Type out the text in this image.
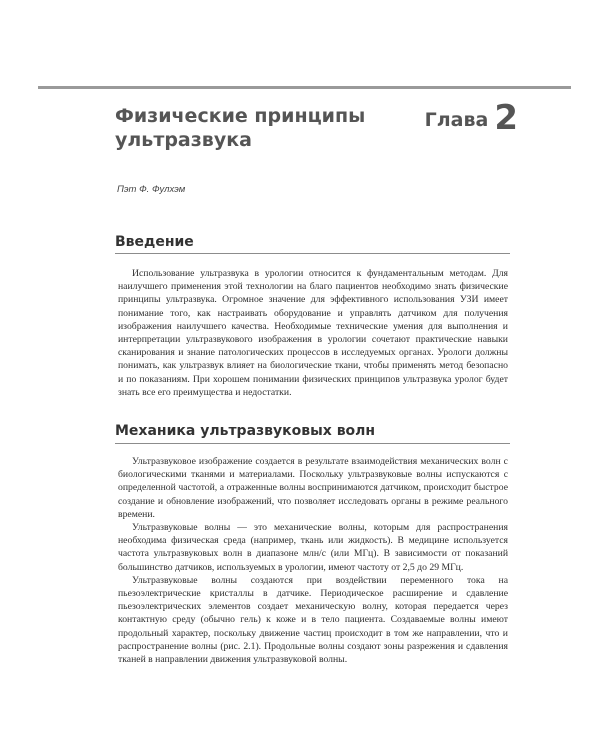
Физические принципы ультразвука
Глава 2
Пэт Ф. Фулхэм
Введение

Использование ультразвука в урологии относится к фундаментальным методам. Для наилучшего применения этой технологии на благо пациентов необходимо знать физические принципы ультразвука. Огромное значение для эффективного использования УЗИ имеет понимание того, как настраивать оборудование и управлять датчиком для получения изображения наилучшего качества. Необходимые технические умения для выполнения и интерпретации ультразвукового изображения в урологии сочетают практические навыки сканирования и знание патологических процессов в исследуемых органах. Урологи должны понимать, как ультразвук влияет на биологические ткани, чтобы применять метод безопасно и по показаниям. При хорошем понимании физических принципов ультразвука уролог будет знать все его преимущества и недостатки.

Механика ультразвуковых волн

Ультразвуковое изображение создается в результате взаимодействия механических волн с биологическими тканями и материалами. Поскольку ультразвуковые волны испускаются с определенной частотой, а отраженные волны воспринимаются датчиком, происходит быстрое создание и обновление изображений, что позволяет исследовать органы в режиме реального времени.

Ультразвуковые волны — это механические волны, которым для распространения необходима физическая среда (например, ткань или жидкость). В медицине используется частота ультразвуковых волн в диапазоне млн/с (или МГц). В зависимости от показаний большинство датчиков, используемых в урологии, имеют частоту от 2,5 до 29 МГц.

Ультразвуковые волны создаются при воздействии переменного тока на пьезоэлектрические кристаллы в датчике. Периодическое расширение и сдавление пьезоэлектрических элементов создает механическую волну, которая передается через контактную среду (обычно гель) к коже и в тело пациента. Создаваемые волны имеют продольный характер, поскольку движение частиц происходит в том же направлении, что и распространение волны (рис. 2.1). Продольные волны создают зоны разрежения и сдавления тканей в направлении движения ультразвуковой волны.
